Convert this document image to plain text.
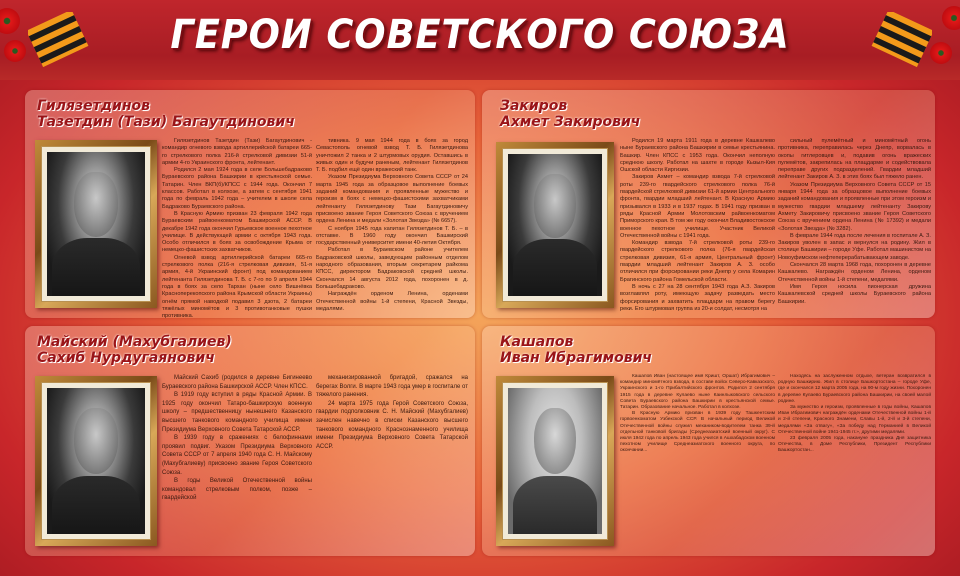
ГЕРОИ СОВЕТСКОГО СОЮЗА
Гилязетдинов
Тазетдин (Тази) Багаутдинович

Гилязетдинов Тазетдин (Тази) Багаутдинович - командир огневого взвода артиллерийской батареи 665-го стрелкового полка 216-й стрелковой дивизии 51-й армии 4-го Украинского фронта, лейтенант.

Родился 2 мая 1924 года в селе Большебадраково Бураевского района Башкирии в крестьянской семье. Татарин. Член ВКП(б)/КПСС с 1944 года. Окончил 7 классов. Работал в колхозе, а затем с сентября 1941 года по февраль 1942 года – учителем в школе села Бадраково Бураевского района.

В Красную Армию призван 23 февраля 1942 года Бураевским райвоенкоматом Башкирской АССР. В декабре 1942 года окончил Гурьевское военное пехотное училище. В действующей армии с октября 1943 года. Особо отличился в боях за освобождение Крыма от немецко-фашистских захватчиков.

Огневой взвод артиллерийской батареи 665-го стрелкового полка (216-я стрелковая дивизия, 51-я армия, 4-й Украинский фронт) под командованием лейтенанта Гилязетдинова Т. Б. с 7-го по 9 апреля 1944 года в боях за село Тархан (ныне село Вишнёвка Красноперекопского района Крымской области Украины) огнём прямой наводкой подавил 3 дзота, 2 батареи тяжёлых миномётов и 3 противотанковые пушки противника.

тивника. 9 мая 1944 года в боях за город Севастополь огневой взвод Т. Б. Гилязетдинова уничтожил 2 танка и 2 штурмовых орудия. Оставшись в живых один и будучи раненым, лейтенант Гилязетдинов Т. Б. подбил ещё один вражеский танк.

Указом Президиума Верховного Совета СССР от 24 марта 1945 года за образцовое выполнение боевых заданий командования и проявленные мужество и героизм в боях с немецко-фашистскими захватчиками лейтенанту Гилязетдинову Тази Багаутдиновичу присвоено звание Героя Советского Союза с вручением ордена Ленина и медали «Золотая Звезда» (№ 6657).

С ноября 1945 года капитан Гилязетдинов Т. Б. – в отставке. В 1960 году окончил Башкирский государственный университет имени 40-летия Октября.

Работал в Бураевском районе учителем Бадраковской школы, заведующим районным отделом народного образования, вторым секретарем райкома КПСС, директором Бадраковской средней школы. Скончался 14 августа 2012 года, похоронен в д. Большебадраково.

Награждён орденом Ленина, орденами Отечественной войны 1-й степени, Красной Звезды, медалями.

Закиров
Ахмет Закирович

Родился 19 марта 1911 года в деревне Кашкалево ныне Бураевского района Башкирии в семье крестьянина. Башкир. Член КПСС с 1953 года. Окончил неполную среднюю школу. Работал на шахте в городе Кызыл-Кия Ошской области Киргизии.

Закиров Ахмет – командир взвода 7-й стрелковой роты 239-го гвардейского стрелкового полка 76-й гвардейской стрелковой дивизии 61-й армии Центрального фронта, гвардии младший лейтенант. В Красную Армию призывался в 1933 и в 1937 годах. В 1941 году призван в ряды Красной Армии Молотовским райвоенкоматом Приморского края. В том же году окончил Владивостокское военное пехотное училище. Участник Великой Отечественной войны с 1941 года.

Командир взвода 7-й стрелковой роты 239-го гвардейского стрелкового полка (76-я гвардейская стрелковая дивизия, 61-я армия, Центральный фронт) гвардии младший лейтенант Закиров А. З. особо отличился при форсировании реки Днепр у села Комарин Брагинского района Гомельской области.

В ночь с 27 на 28 сентября 1943 года А.З. Закиров возглавлял роту, имеющую задачу разведать место форсирования и захватить плацдарм на правом берегу реки. Его штурмовая группа из 20-и солдат, несмотря на

сильный пулемётный и миномётный огонь противника, переправилась через Днепр, ворвалась в окопы гитлеровцев и, подавив огонь вражеских пулемётов, закрепилась на плацдарме и содействовала переправе других подразделений. Гвардии младший лейтенант Закиров А. З. в этих боях был тяжело ранен.

Указом Президиума Верховного Совета СССР от 15 января 1944 года за образцовое выполнение боевых заданий командования и проявленные при этом героизм и мужество гвардии младшему лейтенанту Закирову Ахмету Закировичу присвоено звание Героя Советского Союза с вручением ордена Ленина (№ 17392) и медали «Золотая Звезда» (№ 3282).

В феврале 1944 года после лечения в госпитале А. З. Закиров уволен в запас и вернулся на родину. Жил в столице Башкирии – городе Уфе. Работал машинистом на Новоуфимском нефтеперерабатывающем заводе.

Скончался 28 марта 1968 года, похоронен в деревне Кашкалево. Награждён орденом Ленина, орденом Отечественной войны 1-й степени, медалями.

Имя Героя носила пионерская дружина Кашкалевской средней школы Бураевского района Башкирии.

Майский (Махубгалиев)
Сахиб Нурдугаянович

Майский Сахиб (родился в деревне Бигинеево Бураевского района Башкирской АССР. Член КПСС.

В 1919 году вступил в ряды Красной Армии. В 1925 году окончил Татаро-башкирскую военную школу – предшественницу нынешнего Казанского высшего танкового командного училища имени Президиума Верховного Совета Татарской АССР.

В 1939 году в сражениях с белофиннами проявил подвиг. Указом Президиума Верховного Совета СССР от 7 апреля 1940 года С. Н. Майскому (Махубгалиеву) присвоено звание Героя Советского Союза.

В годы Великой Отечественной войны командовал стрелковым полком, позже – гвардейской

механизированной бригадой, сражался на берегах Волги. В марте 1943 года умер в госпитале от тяжелого ранения.

24 марта 1975 года Герой Советского Союза, гвардии подполковник С. Н. Майский (Махубгалиев) зачислен навечно в списки Казанского высшего танкового командного Краснознаменного училища имени Президиума Верховного Совета Татарской АССР.

Кашапов
Иван Ибрагимович

Кашапов Иван (настоящее имя Кришт, Оршат) Ибрагимович – командир миномётного взвода, в составе войск Северо-Кавказского, Украинского и 1-го Прибалтийского фронтов. Родился 2 сентября 1915 года в деревне Кулаево ныне Каинлыковского сельского Совета Бураевского района Башкирии в крестьянской семье. Татарин. Образование начальное. Работал в колхозе.

В Красную Армию призван в 1939 году Ташкентским горвоенкоматом Узбекской ССР. В начальный период Великой Отечественной войны служил механиком-водителем танка 39-й отдельной танковой бригады (Среднеазиатский военный округ). С июля 1942 года по апрель 1943 года учился в Ашхабадском военном пехотном училище Среднеазиатского военного округа, по окончании...

Находясь на заслуженном отдыхе, ветеран возвратился в родную Башкирию. Жил в столице Башкортостана – городе Уфе, где и скончался 12 марта 2005 года, на 90-м году жизни. Похоронен в деревне Кулаево Бураевского района Башкирии, на своей малой родине.

За мужество и героизм, проявленные в годы войны, Кашапов Иван Ибрагимович награждён орденами Отечественной войны 1-й и 2-й степени, Красного Знамени, Славы 1-й, 2-й и 3-й степени, медалями «За отвагу», «За победу над Германией в Великой Отечественной войне 1941-1945 гг.», другими медалями.

23 февраля 2005 года, накануне праздника Дня защитника Отечества, в Доме Республики, Президент Республики Башкортостан...
